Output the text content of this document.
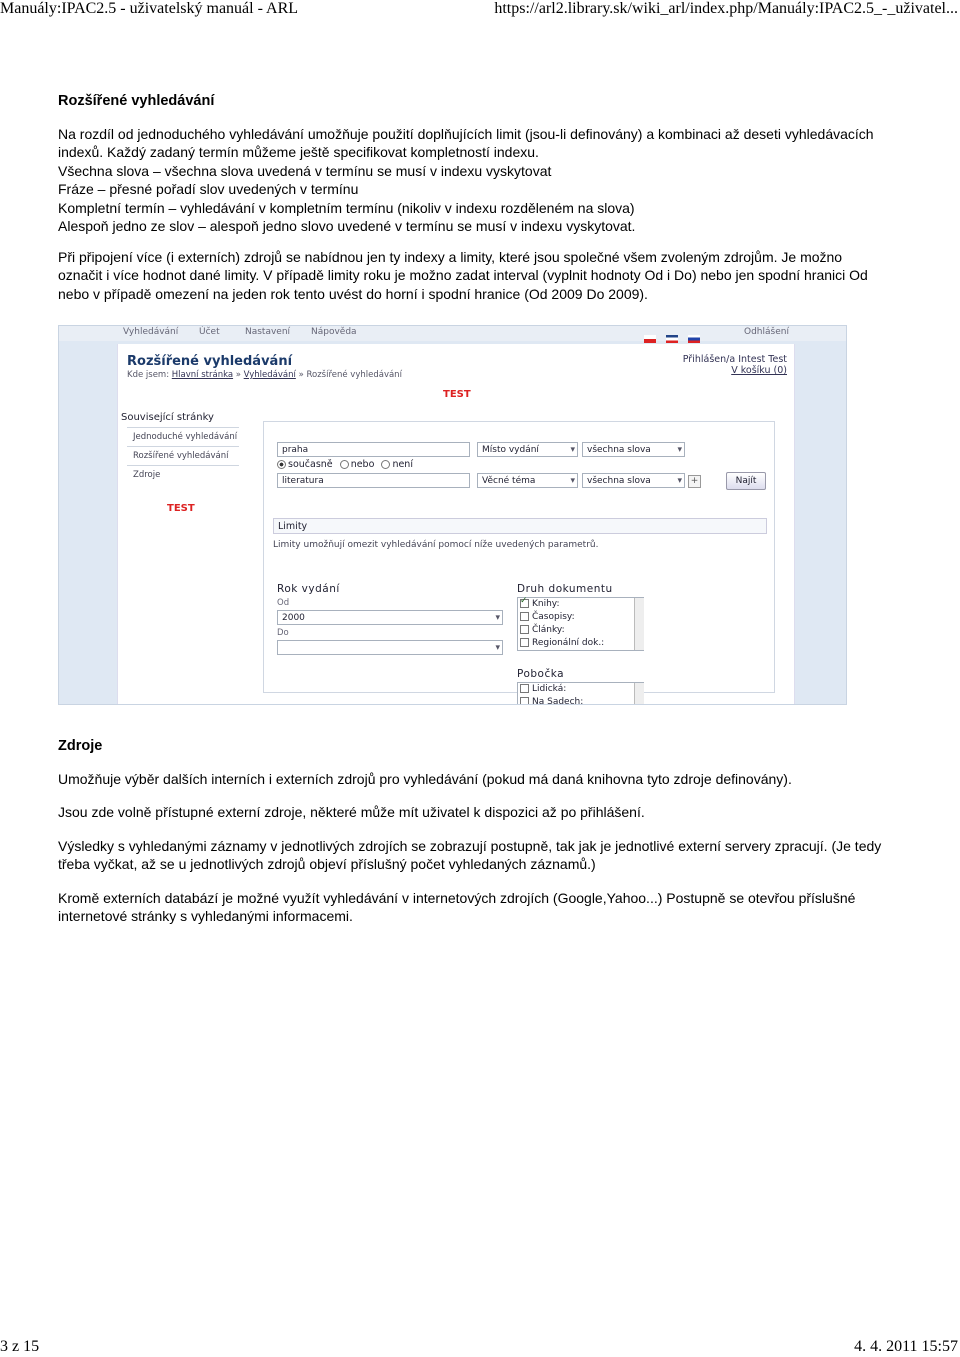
Manuály:IPAC2.5 - uživatelský manuál - ARL	https://arl2.library.sk/wiki_arl/index.php/Manuály:IPAC2.5_-_uživatel...
Rozšířené vyhledávání

Na rozdíl od jednoduchého vyhledávání umožňuje použití doplňujících limit (jsou-li definovány) a kombinaci až deseti vyhledávacích indexů. Každý zadaný termín můžeme ještě specifikovat kompletností indexu.

Všechna slova – všechna slova uvedená v termínu se musí v indexu vyskytovat
Fráze – přesné pořadí slov uvedených v termínu
Kompletní termín – vyhledávání v kompletním termínu (nikoliv v indexu rozděleném na slova)
Alespoň jedno ze slov – alespoň jedno slovo uvedené v termínu se musí v indexu vyskytovat.

Při připojení více (i externích) zdrojů se nabídnou jen ty indexy a limity, které jsou společné všem zvoleným zdrojům. Je možno označit i více hodnot dané limity. V případě limity roku je možno zadat interval (vyplnit hodnoty Od i Do) nebo jen spodní hranici Od nebo v případě omezení na jeden rok tento uvést do horní i spodní hranice (Od 2009 Do 2009).

Vyhledávání Účet	Nastavení Nápověda
	Odhlášení
Rozšířené vyhledávání
Kde jsem: Hlavní stránka » Vyhledávání » Rozšířené vyhledávání
Přihlášen/a Intest Test
V košíku (0)
TEST
Související stránky
Jednoduché vyhledávání
Rozšířené vyhledávání
Zdroje
TEST
praha	Místo vydání ▾	všechna slova ▾
současně nebo není
literatura	Věcné téma ▾	všechna slova ▾	+	Najít
Limity
Limity umožňují omezit vyhledávání pomocí níže uvedených parametrů.
Rok vydání
Od
2000 ▾
Do
▾
Druh dokumentu
✓Knihy:
Časopisy:
Články:
Regionální dok.:
Pobočka
Lidická:
Na Sadech:
Zdroje

Umožňuje výběr dalších interních i externích zdrojů pro vyhledávání (pokud má daná knihovna tyto zdroje definovány).

Jsou zde volně přístupné externí zdroje, některé může mít uživatel k dispozici až po přihlášení.

Výsledky s vyhledanými záznamy v jednotlivých zdrojích se zobrazují postupně, tak jak je jednotlivé externí servery zpracují. (Je tedy třeba vyčkat, až se u jednotlivých zdrojů objeví příslušný počet vyhledaných záznamů.)

Kromě externích databází je možné využít vyhledávání v internetových zdrojích (Google,Yahoo...) Postupně se otevřou příslušné internetové stránky s vyhledanými informacemi.

3 z 15	4. 4. 2011 15:57
